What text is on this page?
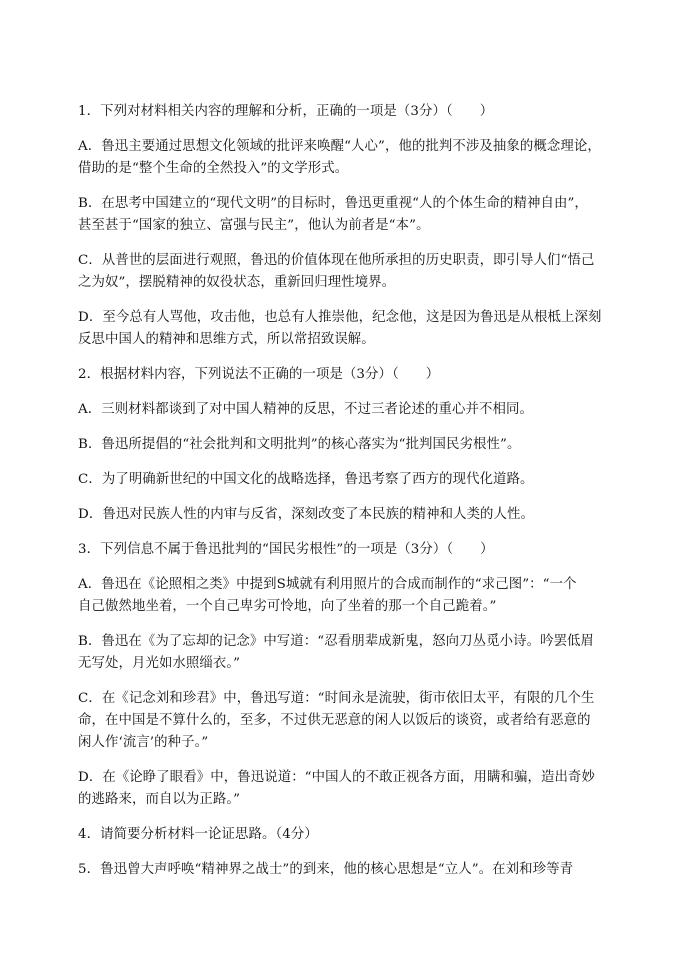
1．下列对材料相关内容的理解和分析，正确的一项是（3分）（　　）

A．鲁迅主要通过思想文化领域的批评来唤醒“人心”，他的批判不涉及抽象的概念理论，
借助的是“整个生命的全然投入”的文学形式。

B．在思考中国建立的“现代文明”的目标时，鲁迅更重视“人的个体生命的精神自由”，
甚至甚于“国家的独立、富强与民主”，他认为前者是“本”。

C．从普世的层面进行观照，鲁迅的价值体现在他所承担的历史职责，即引导人们“悟己
之为奴”，摆脱精神的奴役状态，重新回归理性境界。

D．至今总有人骂他，攻击他，也总有人推崇他，纪念他，这是因为鲁迅是从根柢上深刻
反思中国人的精神和思维方式，所以常招致误解。

2．根据材料内容，下列说法不正确的一项是（3分）（　　）

A．三则材料都谈到了对中国人精神的反思，不过三者论述的重心并不相同。

B．鲁迅所提倡的“社会批判和文明批判”的核心落实为“批判国民劣根性”。

C．为了明确新世纪的中国文化的战略选择，鲁迅考察了西方的现代化道路。

D．鲁迅对民族人性的内审与反省，深刻改变了本民族的精神和人类的人性。

3．下列信息不属于鲁迅批判的“国民劣根性”的一项是（3分）（　　）

A．鲁迅在《论照相之类》中提到S城就有利用照片的合成而制作的“求己图”：“一个
自己傲然地坐着，一个自己卑劣可怜地，向了坐着的那一个自己跪着。”

B．鲁迅在《为了忘却的记念》中写道：“忍看朋辈成新鬼，怒向刀丛觅小诗。吟罢低眉
无写处，月光如水照缁衣。”

C．在《记念刘和珍君》中，鲁迅写道：“时间永是流驶，街市依旧太平，有限的几个生
命，在中国是不算什么的，至多，不过供无恶意的闲人以饭后的谈资，或者给有恶意的
闲人作‘流言’的种子。”

D．在《论睁了眼看》中，鲁迅说道：“中国人的不敢正视各方面，用瞒和骗，造出奇妙
的逃路来，而自以为正路。”

4．请简要分析材料一论证思路。（4分）

5．鲁迅曾大声呼唤“精神界之战士”的到来，他的核心思想是“立人”。在刘和珍等青
